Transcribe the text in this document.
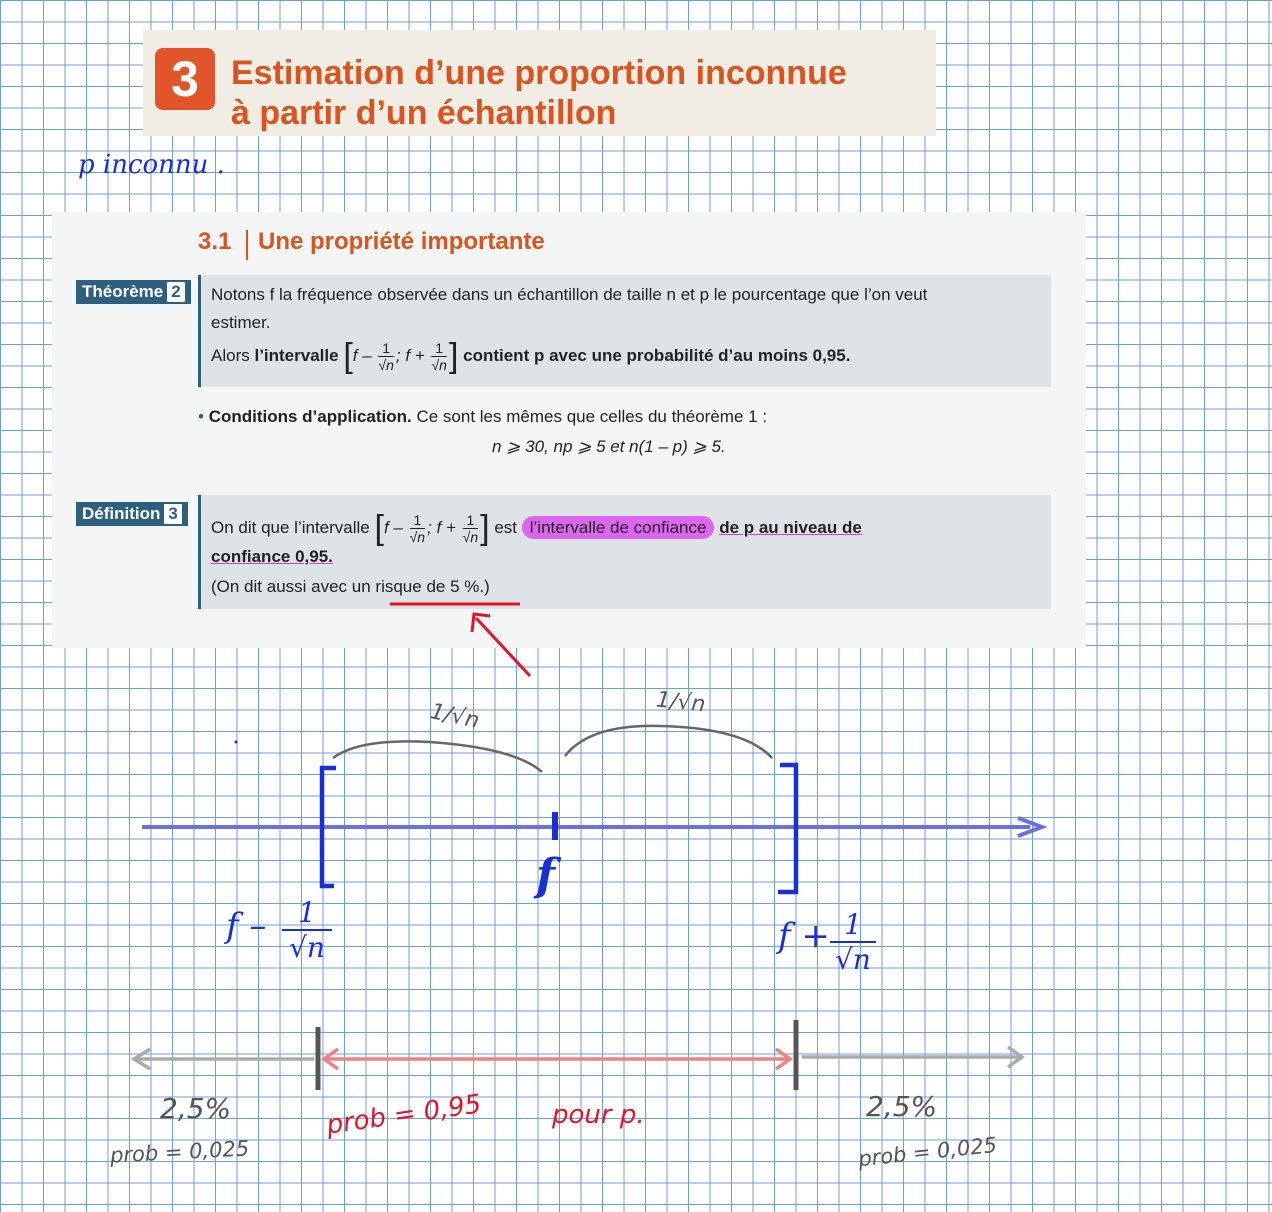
3 Estimation d’une proportion inconnue
à partir d’un échantillon
p inconnu .
3.1 Une propriété importante
Théorème 2	Notons f la fréquence observée dans un échantillon de taille n et p le pourcentage que l’on veut
estimer.
Alors l’intervalle [$f - \frac{1}{√n}$ ; $f + \frac{1}{√n}$ ] contient p avec une probabilité d’au moins 0,95.
• Conditions d’application. Ce sont les mêmes que celles du théorème 1 :
n ⩾ 30, np ⩾ 5 et n(1 – p) ⩾ 5.
Définition 3
On dit que l’intervalle [$f - \frac{1}{√n}$ ; $f + \frac{1}{√n}$ ] est l’intervalle de confiance de p au niveau de
confiance 0,95.
(On dit aussi avec un risque de 5 %.)
1/√n	1/√n
f
f – $\frac{1}{√n}$	$f + \frac{1}{√n}$
2,5%
prob = 0,025
prob = 0,95	pour p.	2,5%
prob = 0,025
